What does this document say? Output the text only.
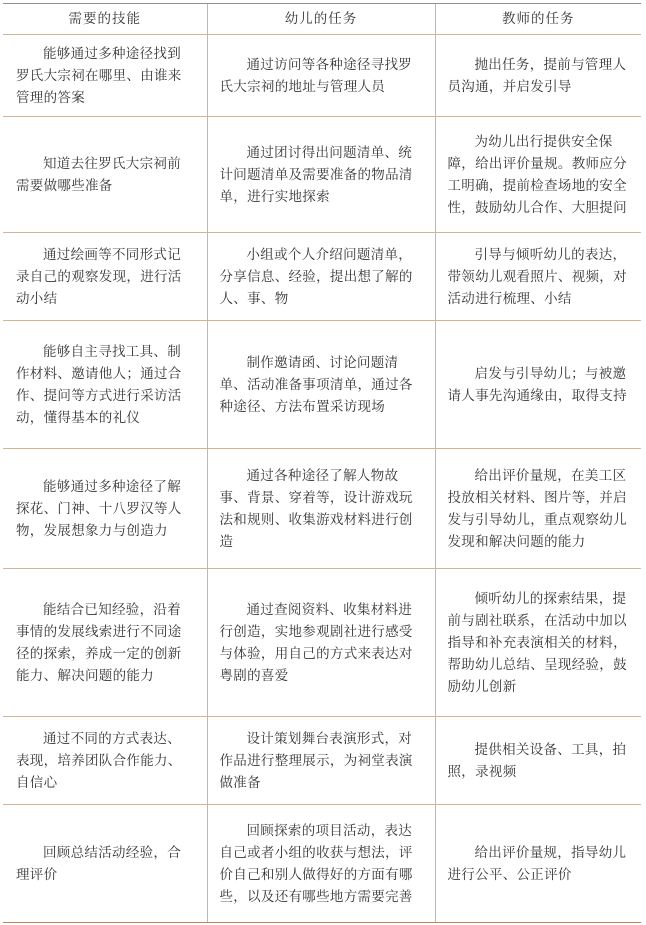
需要的技能	幼儿的任务	教师的任务
能够通过多种途径找到罗氏大宗祠在哪里、由谁来管理的答案	通过访问等各种途径寻找罗氏大宗祠的地址与管理人员	抛出任务，提前与管理人员沟通，并启发引导
知道去往罗氏大宗祠前需要做哪些准备	通过团讨得出问题清单、统计问题清单及需要准备的物品清单，进行实地探索	为幼儿出行提供安全保障，给出评价量规。教师应分工明确，提前检查场地的安全性，鼓励幼儿合作、大胆提问
通过绘画等不同形式记录自己的观察发现，进行活动小结	小组或个人介绍问题清单，分享信息、经验，提出想了解的人、事、物	引导与倾听幼儿的表达，带领幼儿观看照片、视频，对活动进行梳理、小结
能够自主寻找工具、制作材料、邀请他人；通过合作、提问等方式进行采访活动，懂得基本的礼仪	制作邀请函、讨论问题清单、活动准备事项清单，通过各种途径、方法布置采访现场	启发与引导幼儿；与被邀请人事先沟通缘由，取得支持
能够通过多种途径了解探花、门神、十八罗汉等人物，发展想象力与创造力	通过各种途径了解人物故事、背景、穿着等，设计游戏玩法和规则、收集游戏材料进行创造	给出评价量规，在美工区投放相关材料、图片等，并启发与引导幼儿，重点观察幼儿发现和解决问题的能力
能结合已知经验，沿着事情的发展线索进行不同途径的探索，养成一定的创新能力、解决问题的能力	通过查阅资料、收集材料进行创造，实地参观剧社进行感受与体验，用自己的方式来表达对粤剧的喜爱	倾听幼儿的探索结果，提前与剧社联系，在活动中加以指导和补充表演相关的材料，帮助幼儿总结、呈现经验，鼓励幼儿创新
通过不同的方式表达、表现，培养团队合作能力、自信心	设计策划舞台表演形式，对作品进行整理展示，为祠堂表演做准备	提供相关设备、工具，拍照，录视频
回顾总结活动经验，合理评价	回顾探索的项目活动，表达自己或者小组的收获与想法，评价自己和别人做得好的方面有哪些，以及还有哪些地方需要完善	给出评价量规，指导幼儿进行公平、公正评价
